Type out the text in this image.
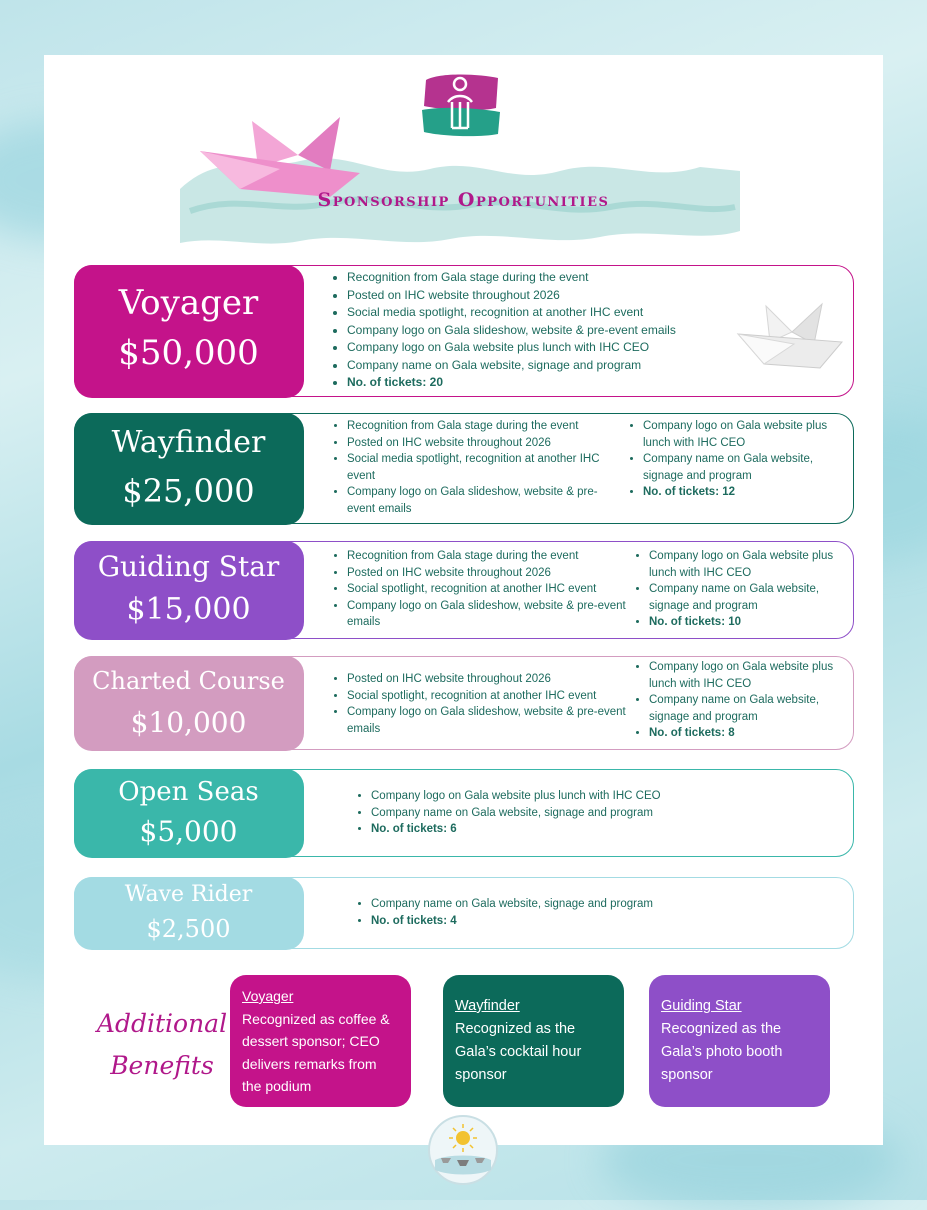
Sponsorship Opportunities
Voyager
$50,000
• Recognition from Gala stage during the event
• Posted on IHC website throughout 2026
• Social media spotlight, recognition at another IHC event
• Company logo on Gala slideshow, website & pre-event emails
• Company logo on Gala website plus lunch with IHC CEO
• Company name on Gala website, signage and program
• No. of tickets: 20
Wayfinder
$25,000
• Recognition from Gala stage during the event
• Posted on IHC website throughout 2026
• Social media spotlight, recognition at another IHC event
• Company logo on Gala slideshow, website & pre-event emails
• Company logo on Gala website plus lunch with IHC CEO
• Company name on Gala website, signage and program
• No. of tickets: 12
Guiding Star
$15,000
• Recognition from Gala stage during the event
• Posted on IHC website throughout 2026
• Social spotlight, recognition at another IHC event
• Company logo on Gala slideshow, website & pre-event emails
• Company logo on Gala website plus lunch with IHC CEO
• Company name on Gala website, signage and program
• No. of tickets: 10
Charted Course
$10,000
• Posted on IHC website throughout 2026
• Social spotlight, recognition at another IHC event
• Company logo on Gala slideshow, website & pre-event emails
• Company logo on Gala website plus lunch with IHC CEO
• Company name on Gala website, signage and program
• No. of tickets: 8
Open Seas
$5,000
• Company logo on Gala website plus lunch with IHC CEO
• Company name on Gala website, signage and program
• No. of tickets: 6
Wave Rider
$2,500
• Company name on Gala website, signage and program
• No. of tickets: 4
Additional
Benefits
Voyager
Recognized as coffee & dessert sponsor; CEO delivers remarks from the podium
Wayfinder
Recognized as the Gala’s cocktail hour sponsor
Guiding Star
Recognized as the Gala’s photo booth sponsor
